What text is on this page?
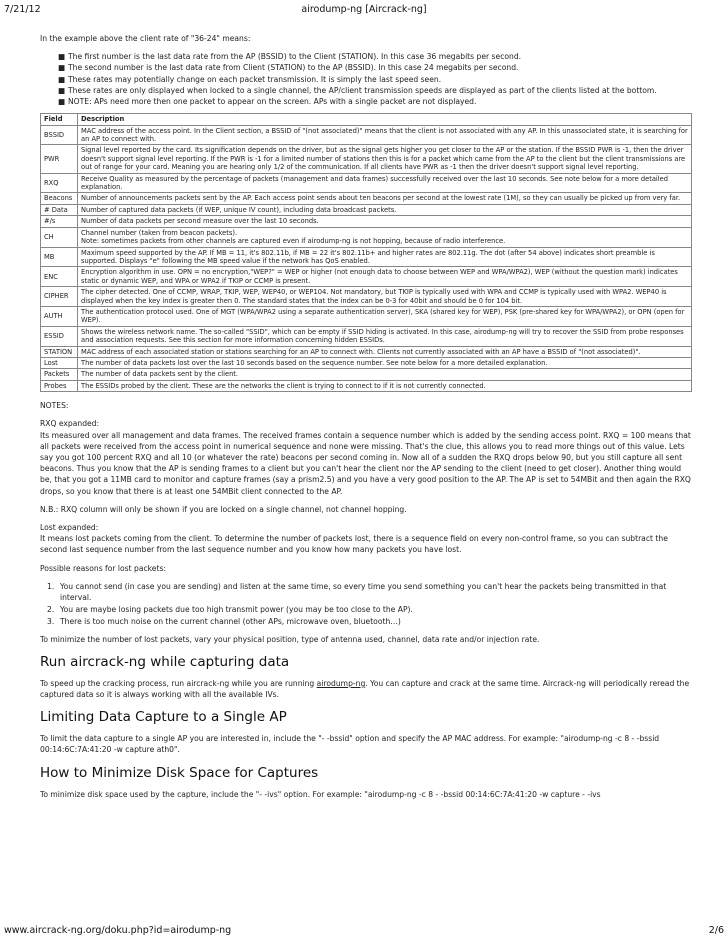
7/21/12	airodump-ng [Aircrack-ng]

In the example above the client rate of "36-24" means:

■ The first number is the last data rate from the AP (BSSID) to the Client (STATION). In this case 36 megabits per second.
■ The second number is the last data rate from Client (STATION) to the AP (BSSID). In this case 24 megabits per second.
■ These rates may potentially change on each packet transmission. It is simply the last speed seen.
■ These rates are only displayed when locked to a single channel, the AP/client transmission speeds are displayed as part of the clients listed at the bottom.
■ NOTE: APs need more then one packet to appear on the screen. APs with a single packet are not displayed.
Field	Description
BSSID	MAC address of the access point. In the Client section, a BSSID of "(not associated)" means that the client is not associated with any AP. In this unassociated state, it is searching for an AP to connect with.
PWR	Signal level reported by the card. Its signification depends on the driver, but as the signal gets higher you get closer to the AP or the station. If the BSSID PWR is -1, then the driver doesn't support signal level reporting. If the PWR is -1 for a limited number of stations then this is for a packet which came from the AP to the client but the client transmissions are out of range for your card. Meaning you are hearing only 1/2 of the communication. If all clients have PWR as -1 then the driver doesn't support signal level reporting.
RXQ	Receive Quality as measured by the percentage of packets (management and data frames) successfully received over the last 10 seconds. See note below for a more detailed explanation.
Beacons	Number of announcements packets sent by the AP. Each access point sends about ten beacons per second at the lowest rate (1M), so they can usually be picked up from very far.
# Data	Number of captured data packets (if WEP, unique IV count), including data broadcast packets.
#/s	Number of data packets per second measure over the last 10 seconds.
CH	Channel number (taken from beacon packets).
Note: sometimes packets from other channels are captured even if airodump-ng is not hopping, because of radio interference.
MB	Maximum speed supported by the AP. If MB = 11, it's 802.11b, if MB = 22 it's 802.11b+ and higher rates are 802.11g. The dot (after 54 above) indicates short preamble is supported. Displays "e" following the MB speed value if the network has QoS enabled.
ENC	Encryption algorithm in use. OPN = no encryption,"WEP?" = WEP or higher (not enough data to choose between WEP and WPA/WPA2), WEP (without the question mark) indicates static or dynamic WEP, and WPA or WPA2 if TKIP or CCMP is present.
CIPHER	The cipher detected. One of CCMP, WRAP, TKIP, WEP, WEP40, or WEP104. Not mandatory, but TKIP is typically used with WPA and CCMP is typically used with WPA2. WEP40 is displayed when the key index is greater then 0. The standard states that the index can be 0-3 for 40bit and should be 0 for 104 bit.
AUTH	The authentication protocol used. One of MGT (WPA/WPA2 using a separate authentication server), SKA (shared key for WEP), PSK (pre-shared key for WPA/WPA2), or OPN (open for WEP).
ESSID	Shows the wireless network name. The so-called "SSID", which can be empty if SSID hiding is activated. In this case, airodump-ng will try to recover the SSID from probe responses and association requests. See this section for more information concerning hidden ESSIDs.
STATION	MAC address of each associated station or stations searching for an AP to connect with. Clients not currently associated with an AP have a BSSID of "(not associated)".
Lost	The number of data packets lost over the last 10 seconds based on the sequence number. See note below for a more detailed explanation.
Packets	The number of data packets sent by the client.
Probes	The ESSIDs probed by the client. These are the networks the client is trying to connect to if it is not currently connected.

NOTES:

RXQ expanded:
Its measured over all management and data frames. The received frames contain a sequence number which is added by the sending access point. RXQ = 100 means that all packets were received from the access point in numerical sequence and none were missing. That's the clue, this allows you to read more things out of this value. Lets say you got 100 percent RXQ and all 10 (or whatever the rate) beacons per second coming in. Now all of a sudden the RXQ drops below 90, but you still capture all sent beacons. Thus you know that the AP is sending frames to a client but you can't hear the client nor the AP sending to the client (need to get closer). Another thing would be, that you got a 11MB card to monitor and capture frames (say a prism2.5) and you have a very good position to the AP. The AP is set to 54MBit and then again the RXQ drops, so you know that there is at least one 54MBit client connected to the AP.

N.B.: RXQ column will only be shown if you are locked on a single channel, not channel hopping.

Lost expanded:
It means lost packets coming from the client. To determine the number of packets lost, there is a sequence field on every non-control frame, so you can subtract the second last sequence number from the last sequence number and you know how many packets you have lost.

Possible reasons for lost packets:

1. You cannot send (in case you are sending) and listen at the same time, so every time you send something you can't hear the packets being transmitted in that interval.
2. You are maybe losing packets due too high transmit power (you may be too close to the AP).
3. There is too much noise on the current channel (other APs, microwave oven, bluetooth…)

To minimize the number of lost packets, vary your physical position, type of antenna used, channel, data rate and/or injection rate.

Run aircrack-ng while capturing data

To speed up the cracking process, run aircrack-ng while you are running airodump-ng. You can capture and crack at the same time. Aircrack-ng will periodically reread the captured data so it is always working with all the available IVs.

Limiting Data Capture to a Single AP

To limit the data capture to a single AP you are interested in, include the "- -bssid" option and specify the AP MAC address. For example: "airodump-ng -c 8 - -bssid 00:14:6C:7A:41:20 -w capture ath0".

How to Minimize Disk Space for Captures

To minimize disk space used by the capture, include the "- -ivs" option. For example: "airodump-ng -c 8 - -bssid 00:14:6C:7A:41:20 -w capture - -ivs

www.aircrack-ng.org/doku.php?id=airodump-ng	2/6
